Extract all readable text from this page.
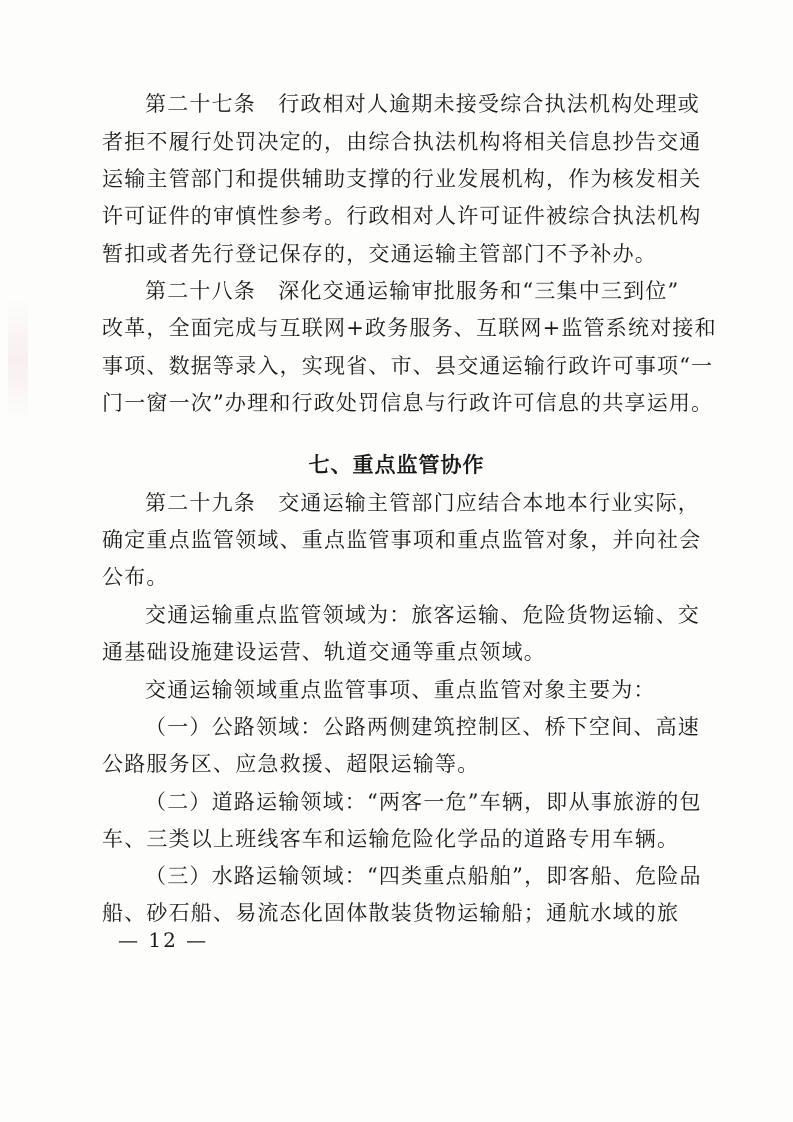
第二十七条　行政相对人逾期未接受综合执法机构处理或
者拒不履行处罚决定的，由综合执法机构将相关信息抄告交通
运输主管部门和提供辅助支撑的行业发展机构，作为核发相关
许可证件的审慎性参考。行政相对人许可证件被综合执法机构
暂扣或者先行登记保存的，交通运输主管部门不予补办。
第二十八条　深化交通运输审批服务和“三集中三到位”
改革，全面完成与互联网+政务服务、互联网+监管系统对接和
事项、数据等录入，实现省、市、县交通运输行政许可事项“一
门一窗一次”办理和行政处罚信息与行政许可信息的共享运用。
七、重点监管协作
第二十九条　交通运输主管部门应结合本地本行业实际，
确定重点监管领域、重点监管事项和重点监管对象，并向社会
公布。
交通运输重点监管领域为：旅客运输、危险货物运输、交
通基础设施建设运营、轨道交通等重点领域。
交通运输领域重点监管事项、重点监管对象主要为：
（一）公路领域：公路两侧建筑控制区、桥下空间、高速
公路服务区、应急救援、超限运输等。
（二）道路运输领域：“两客一危”车辆，即从事旅游的包
车、三类以上班线客车和运输危险化学品的道路专用车辆。
（三）水路运输领域：“四类重点船舶”，即客船、危险品
船、砂石船、易流态化固体散装货物运输船；通航水域的旅
— 12 —
